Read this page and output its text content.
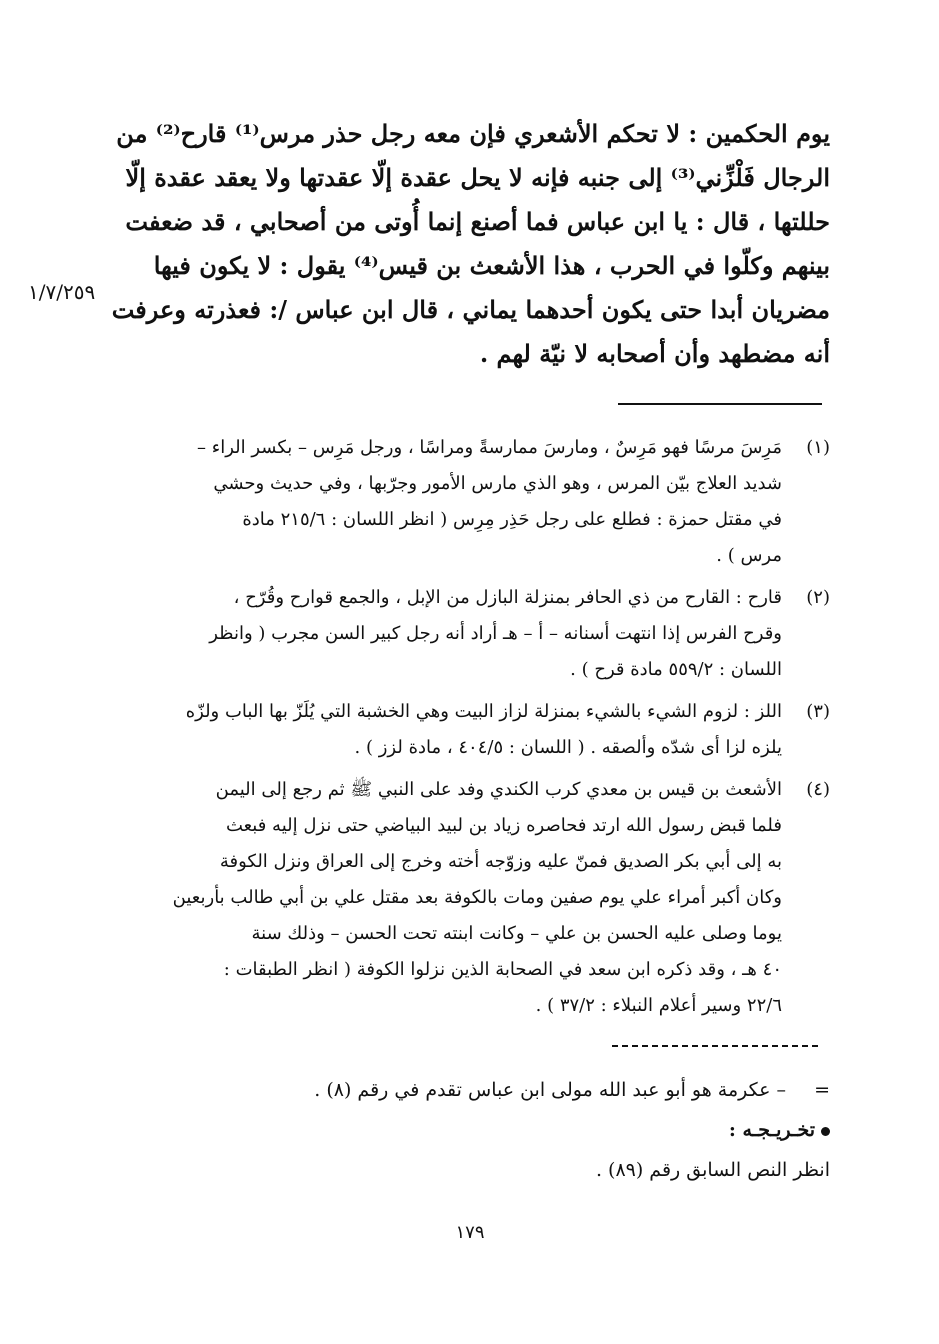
يوم الحكمين : لا تحكم الأشعري فإن معه رجل حذر مرس⁽¹⁾ قارح⁽²⁾ من
الرجال فَلْزِّني⁽³⁾ إلى جنبه فإنه لا يحل عقدة إلّا عقدتها ولا يعقد عقدة إلّا
حللتها ، قال : يا ابن عباس فما أصنع إنما أُوتى من أصحابي ، قد ضعفت
بينهم وكلّوا في الحرب ، هذا الأشعث بن قيس⁽⁴⁾ يقول : لا يكون فيها
مضريان أبدا حتى يكون أحدهما يماني ، قال ابن عباس /: فعذرته وعرفت
أنه مضطهد وأن أصحابه لا نيّة لهم .
١/٧/٢٥٩
(١)
مَرِسَ مرسًا فهو مَرِسٌ ، ومارسَ ممارسةً ومراسًا ، ورجل مَرِس – بكسر الراء –
شديد العلاج بيّن المرس ، وهو الذي مارس الأمور وجرّبها ، وفي حديث وحشي
في مقتل حمزة : فطلع على رجل حَذِر مِرِس ( انظر اللسان : ٢١٥/٦ مادة
مرس ) .
(٢)
قارح : القارح من ذي الحافر بمنزلة البازل من الإبل ، والجمع قوارح وقُرّح ،
وقرح الفرس إذا انتهت أسنانه – أ – هـ أراد أنه رجل كبير السن مجرب ( وانظر
اللسان : ٥٥٩/٢ مادة قرح ) .
(٣)
اللز : لزوم الشيء بالشيء بمنزلة لزاز البيت وهي الخشبة التي يُلَزّ بها الباب ولزّه
يلزه لزا أى شدّه وألصقه . ( اللسان : ٤٠٤/٥ ، مادة لزز ) .
(٤)
الأشعث بن قيس بن معدي كرب الكندي وفد على النبي ﷺ ثم رجع إلى اليمن
فلما قبض رسول الله ارتد فحاصره زياد بن لبيد البياضي حتى نزل إليه فبعث
به إلى أبي بكر الصديق فمنّ عليه وزوّجه أخته وخرج إلى العراق ونزل الكوفة
وكان أكبر أمراء علي يوم صفين ومات بالكوفة بعد مقتل علي بن أبي طالب بأربعين
يوما وصلى عليه الحسن بن علي – وكانت ابنته تحت الحسن – وذلك سنة
٤٠ هـ ، وقد ذكره ابن سعد في الصحابة الذين نزلوا الكوفة ( انظر الطبقات :
٢٢/٦ وسير أعلام النبلاء : ٣٧/٢ ) .
=– عكرمة هو أبو عبد الله مولى ابن عباس تقدم في رقم (٨) .
تخـريـجـه :
انظر النص السابق رقم (٨٩) .
١٧٩
